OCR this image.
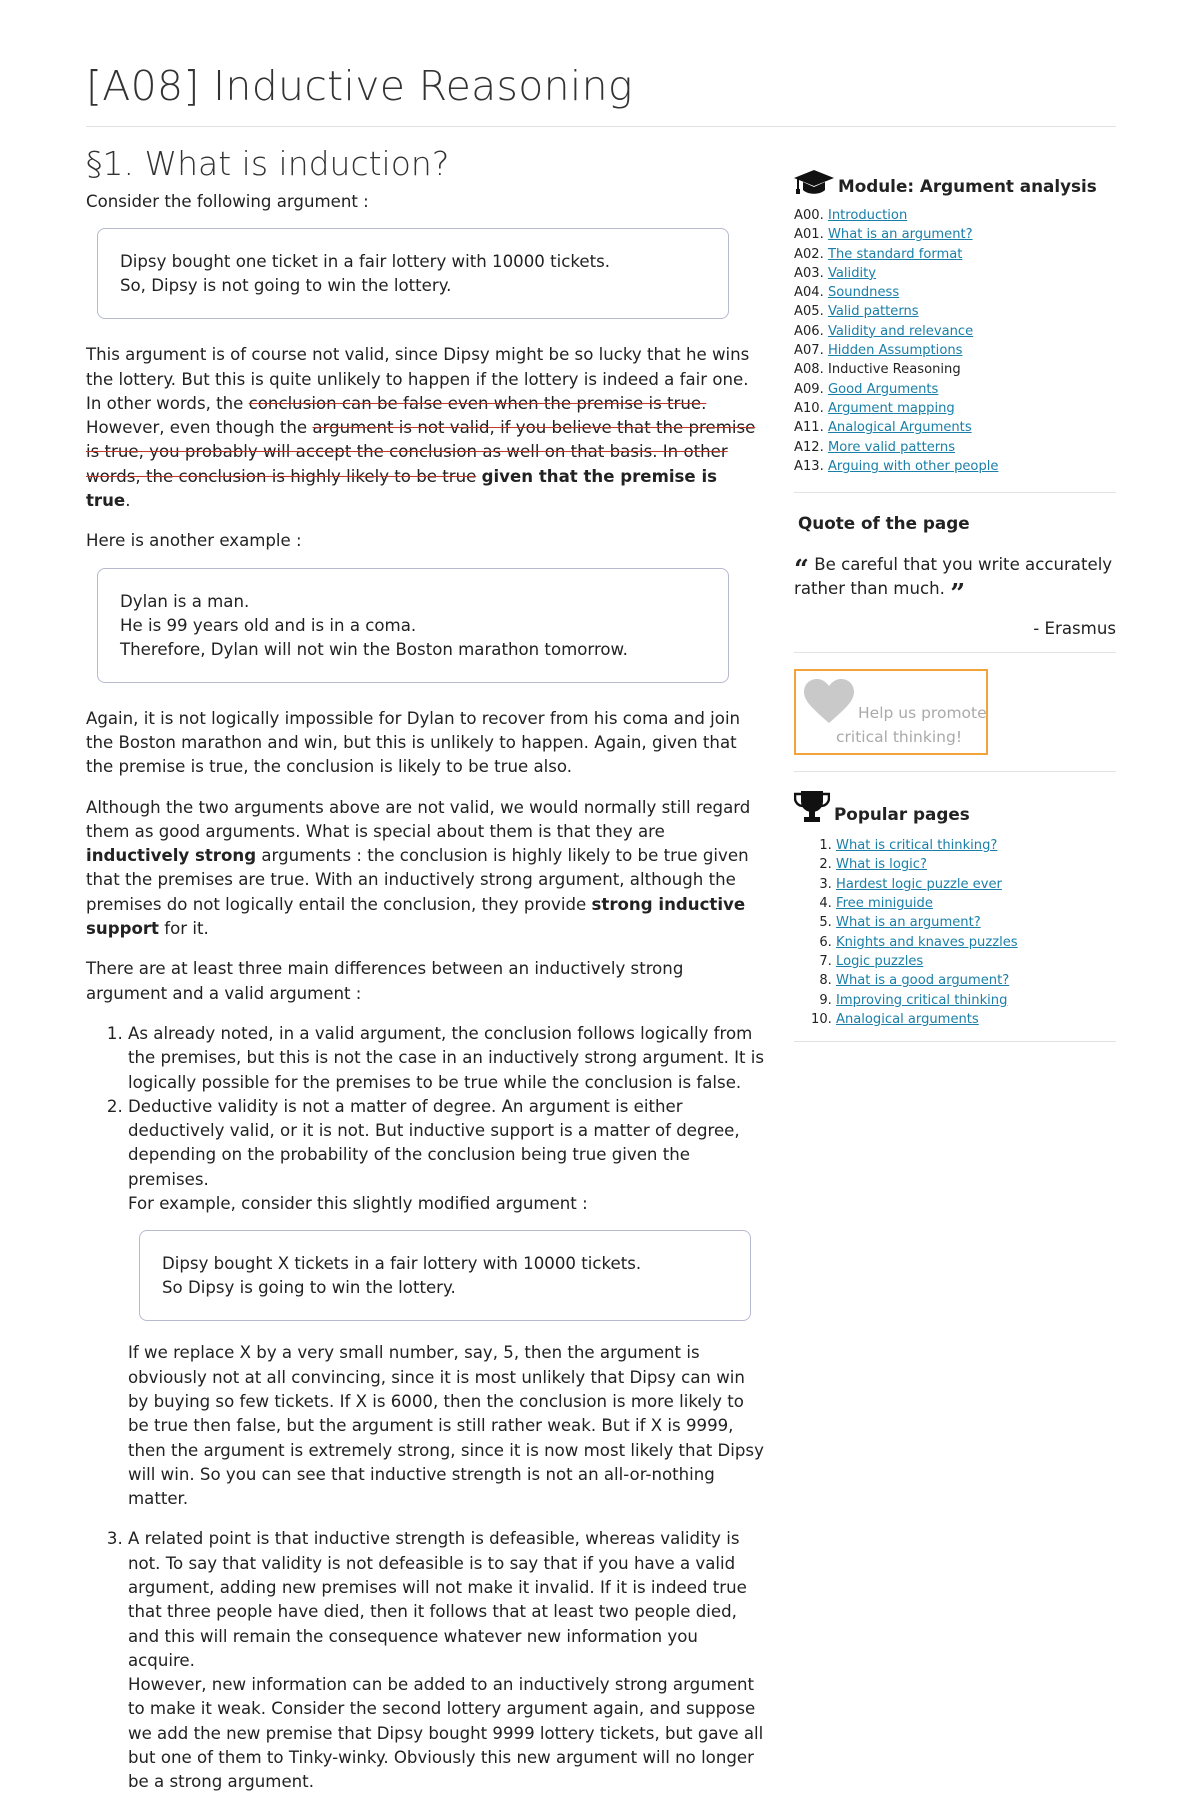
[A08] Inductive Reasoning
§1. What is induction?

Consider the following argument :

Dipsy bought one ticket in a fair lottery with 10000 tickets.
So, Dipsy is not going to win the lottery.

This argument is of course not valid, since Dipsy might be so lucky that he wins the lottery. But this is quite unlikely to happen if the lottery is indeed a fair one. In other words, the conclusion can be false even when the premise is true. However, even though the argument is not valid, if you believe that the premise is true, you probably will accept the conclusion as well on that basis. In other words, the conclusion is highly likely to be true given that the premise is true.

Here is another example :

Dylan is a man.
He is 99 years old and is in a coma.
Therefore, Dylan will not win the Boston marathon tomorrow.

Again, it is not logically impossible for Dylan to recover from his coma and join the Boston marathon and win, but this is unlikely to happen. Again, given that the premise is true, the conclusion is likely to be true also.

Although the two arguments above are not valid, we would normally still regard them as good arguments. What is special about them is that they are inductively strong arguments : the conclusion is highly likely to be true given that the premises are true. With an inductively strong argument, although the premises do not logically entail the conclusion, they provide strong inductive support for it.

There are at least three main differences between an inductively strong argument and a valid argument :

1. As already noted, in a valid argument, the conclusion follows logically from the premises, but this is not the case in an inductively strong argument. It is logically possible for the premises to be true while the conclusion is false.
2. Deductive validity is not a matter of degree. An argument is either deductively valid, or it is not. But inductive support is a matter of degree, depending on the probability of the conclusion being true given the premises.
For example, consider this slightly modified argument :
Dipsy bought X tickets in a fair lottery with 10000 tickets.
So Dipsy is going to win the lottery.

If we replace X by a very small number, say, 5, then the argument is obviously not at all convincing, since it is most unlikely that Dipsy can win by buying so few tickets. If X is 6000, then the conclusion is more likely to be true then false, but the argument is still rather weak. But if X is 9999, then the argument is extremely strong, since it is now most likely that Dipsy will win. So you can see that inductive strength is not an all-or-nothing matter.

3. A related point is that inductive strength is defeasible, whereas validity is not. To say that validity is not defeasible is to say that if you have a valid argument, adding new premises will not make it invalid. If it is indeed true that three people have died, then it follows that at least two people died, and this will remain the consequence whatever new information you acquire.
However, new information can be added to an inductively strong argument to make it weak. Consider the second lottery argument again, and suppose we add the new premise that Dipsy bought 9999 lottery tickets, but gave all but one of them to Tinky-winky. Obviously this new argument will no longer be a strong argument.
Module: Argument analysis
A00. Introduction
A01. What is an argument?
A02. The standard format
A03. Validity
A04. Soundness
A05. Valid patterns
A06. Validity and relevance
A07. Hidden Assumptions
A08. Inductive Reasoning
A09. Good Arguments
A10. Argument mapping
A11. Analogical Arguments
A12. More valid patterns
A13. Arguing with other people
Quote of the page
“ Be careful that you write accurately rather than much. ”
- Erasmus
Help us promote
critical thinking!
Popular pages
1. What is critical thinking?
2. What is logic?
3. Hardest logic puzzle ever
4. Free miniguide
5. What is an argument?
6. Knights and knaves puzzles
7. Logic puzzles
8. What is a good argument?
9. Improving critical thinking
10. Analogical arguments
